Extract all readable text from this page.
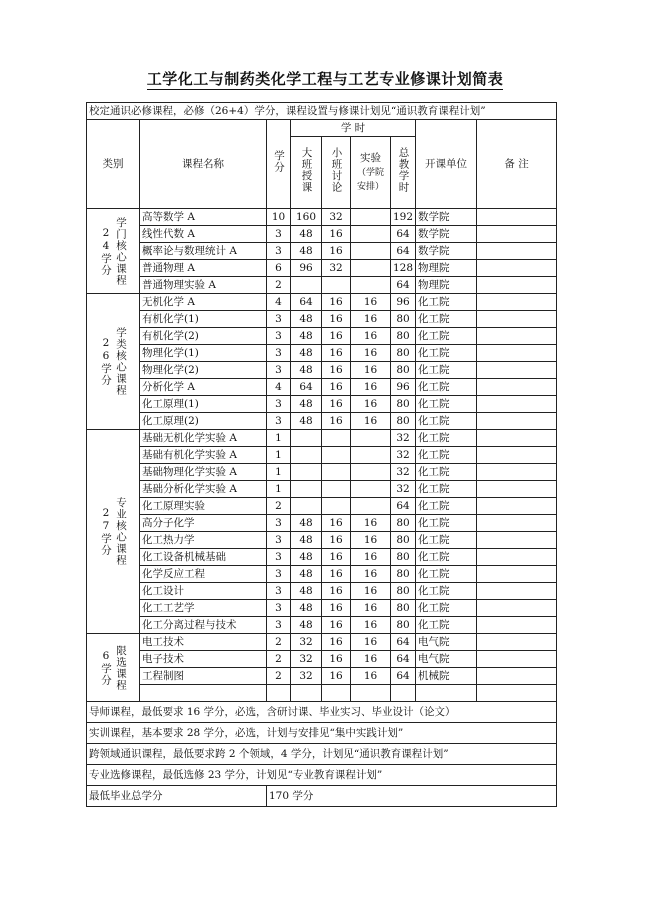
工学化工与制药类化学工程与工艺专业修课计划简表
校定通识必修课程，必修（26+4）学分，课程设置与修课计划见“通识教育课程计划”								
类别	课程名称	学分	学 时				开课单位	备 注
			大班授课	小班讨论	实验
（学院安排）	总教学时		

24学分 学门核心课程	高等数学 A	10	160	32		192	数学院	
	线性代数 A	3	48	16		64	数学院	
	概率论与数理统计 A	3	48	16		64	数学院	
	普通物理 A	6	96	32		128	物理院	
	普通物理实验 A	2				64	物理院	

26学分 学类核心课程	无机化学 A	4	64	16	16	96	化工院	
	有机化学(1)	3	48	16	16	80	化工院	
	有机化学(2)	3	48	16	16	80	化工院	
	物理化学(1)	3	48	16	16	80	化工院	
	物理化学(2)	3	48	16	16	80	化工院	
	分析化学 A	4	64	16	16	96	化工院	
	化工原理(1)	3	48	16	16	80	化工院	
	化工原理(2)	3	48	16	16	80	化工院	

27学分 专业核心课程	基础无机化学实验 A	1				32	化工院	
	基础有机化学实验 A	1				32	化工院	
	基础物理化学实验 A	1				32	化工院	
	基础分析化学实验 A	1				32	化工院	
	化工原理实验	2				64	化工院	
	高分子化学	3	48	16	16	80	化工院	
	化工热力学	3	48	16	16	80	化工院	
	化工设备机械基础	3	48	16	16	80	化工院	
	化学反应工程	3	48	16	16	80	化工院	
	化工设计	3	48	16	16	80	化工院	
	化工工艺学	3	48	16	16	80	化工院	
	化工分离过程与技术	3	48	16	16	80	化工院	

6学分 限选课程	电工技术	2	32	16	16	64	电气院	
	电子技术	2	32	16	16	64	电气院	
	工程制图	2	32	16	16	64	机械院	

导师课程，最低要求 16 学分，必选，含研讨课、毕业实习、毕业设计（论文）								
实训课程，基本要求 28 学分，必选，计划与安排见“集中实践计划”								
跨领域通识课程，最低要求跨 2 个领域，4 学分，计划见“通识教育课程计划”								
专业选修课程，最低选修 23 学分，计划见“专业教育课程计划”								
最低毕业总学分		170 学分						
